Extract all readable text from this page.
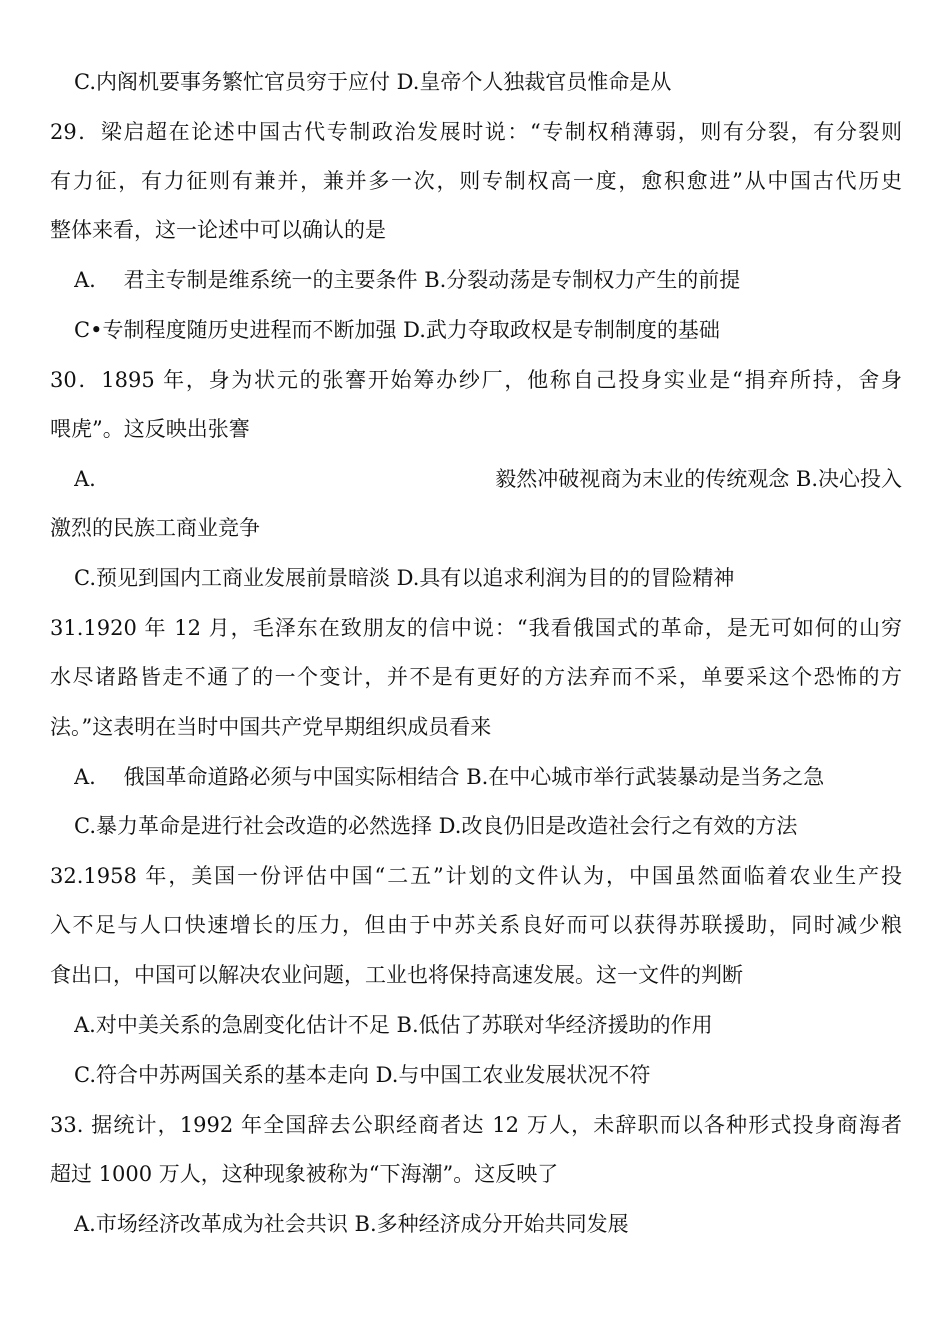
C.内阁机要事务繁忙官员穷于应付 D.皇帝个人独裁官员惟命是从
29．梁启超在论述中国古代专制政治发展时说：“专制权稍薄弱，则有分裂，有分裂则
有力征，有力征则有兼并，兼并多一次，则专制权高一度，愈积愈进”从中国古代历史
整体来看，这一论述中可以确认的是
A.　 君主专制是维系统一的主要条件 B.分裂动荡是专制权力产生的前提
C•专制程度随历史进程而不断加强 D.武力夺取政权是专制制度的基础
30．1895 年，身为状元的张謇开始筹办纱厂，他称自己投身实业是“捐弃所持，舍身
喂虎”。这反映出张謇
A.	毅然冲破视商为末业的传统观念 B.决心投入
激烈的民族工商业竞争
C.预见到国内工商业发展前景暗淡 D.具有以追求利润为目的的冒险精神
31.1920 年 12 月，毛泽东在致朋友的信中说：“我看俄国式的革命，是无可如何的山穷
水尽诸路皆走不通了的一个变计，并不是有更好的方法弃而不采，单要采这个恐怖的方
法。”这表明在当时中国共产党早期组织成员看来
A.　 俄国革命道路必须与中国实际相结合 B.在中心城市举行武装暴动是当务之急
C.暴力革命是进行社会改造的必然选择 D.改良仍旧是改造社会行之有效的方法
32.1958 年，美国一份评估中国“二五”计划的文件认为，中国虽然面临着农业生产投
入不足与人口快速增长的压力，但由于中苏关系良好而可以获得苏联援助，同时减少粮
食出口，中国可以解决农业问题，工业也将保持高速发展。这一文件的判断
A.对中美关系的急剧变化估计不足 B.低估了苏联对华经济援助的作用
C.符合中苏两国关系的基本走向 D.与中国工农业发展状况不符
33. 据统计，1992 年全国辞去公职经商者达 12 万人，未辞职而以各种形式投身商海者
超过 1000 万人，这种现象被称为“下海潮”。这反映了
A.市场经济改革成为社会共识 B.多种经济成分开始共同发展
